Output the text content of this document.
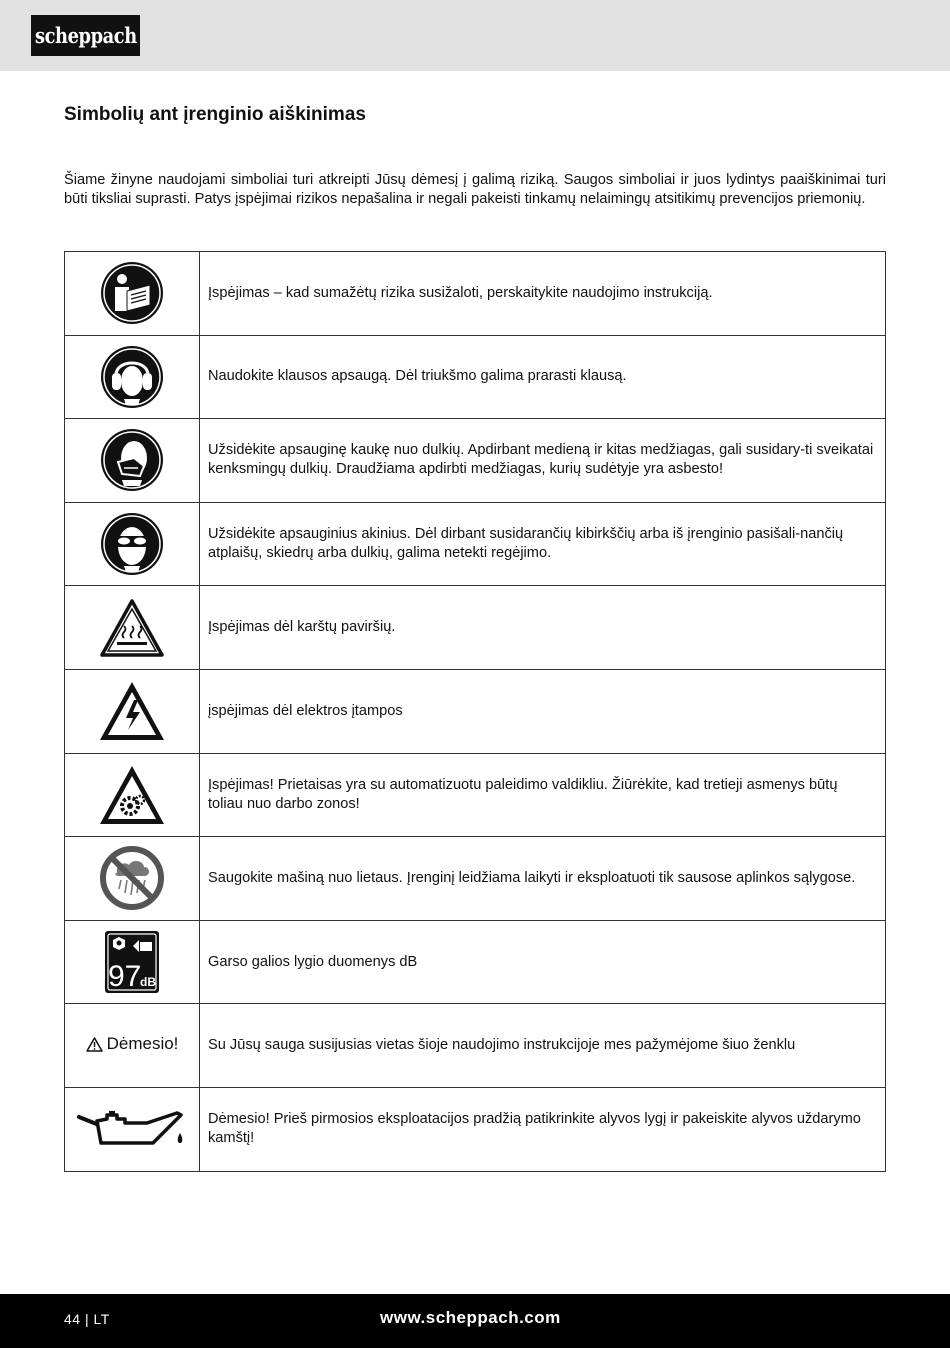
scheppach
Simbolių ant įrenginio aiškinimas

Šiame žinyne naudojami simboliai turi atkreipti Jūsų dėmesį į galimą riziką. Saugos simboliai ir juos lydintys paaiškinimai turi būti tiksliai suprasti. Patys įspėjimai rizikos nepašalina ir negali pakeisti tinkamų nelaimingų atsitikimų prevencijos priemonių.

	Įspėjimas – kad sumažėtų rizika susižaloti, perskaitykite naudojimo instrukciją.

	Naudokite klausos apsaugą. Dėl triukšmo galima prarasti klausą.

	Užsidėkite apsauginę kaukę nuo dulkių. Apdirbant medieną ir kitas medžiagas, gali susidary-ti sveikatai kenksmingų dulkių. Draudžiama apdirbti medžiagas, kurių sudėtyje yra asbesto!

	Užsidėkite apsauginius akinius. Dėl dirbant susidarančių kibirkščių arba iš įrenginio pasišali-nančių atplaišų, skiedrų arba dulkių, galima netekti regėjimo.

	Įspėjimas dėl karštų paviršių.

	įspėjimas dėl elektros įtampos

	Įspėjimas! Prietaisas yra su automatizuotu paleidimo valdikliu. Žiūrėkite, kad tretieji asmenys būtų toliau nuo darbo zonos!

	Saugokite mašiną nuo lietaus. Įrenginį leidžiama laikyti ir eksploatuoti tik sausose aplinkos sąlygose.

97
dB	Garso galios lygio duomenys dB

Dėmesio!	Su Jūsų sauga susijusias vietas šioje naudojimo instrukcijoje mes pažymėjome šiuo ženklu

	Dėmesio! Prieš pirmosios eksploatacijos pradžią patikrinkite alyvos lygį ir pakeiskite alyvos uždarymo kamštį!
44 | LT	www.scheppach.com
